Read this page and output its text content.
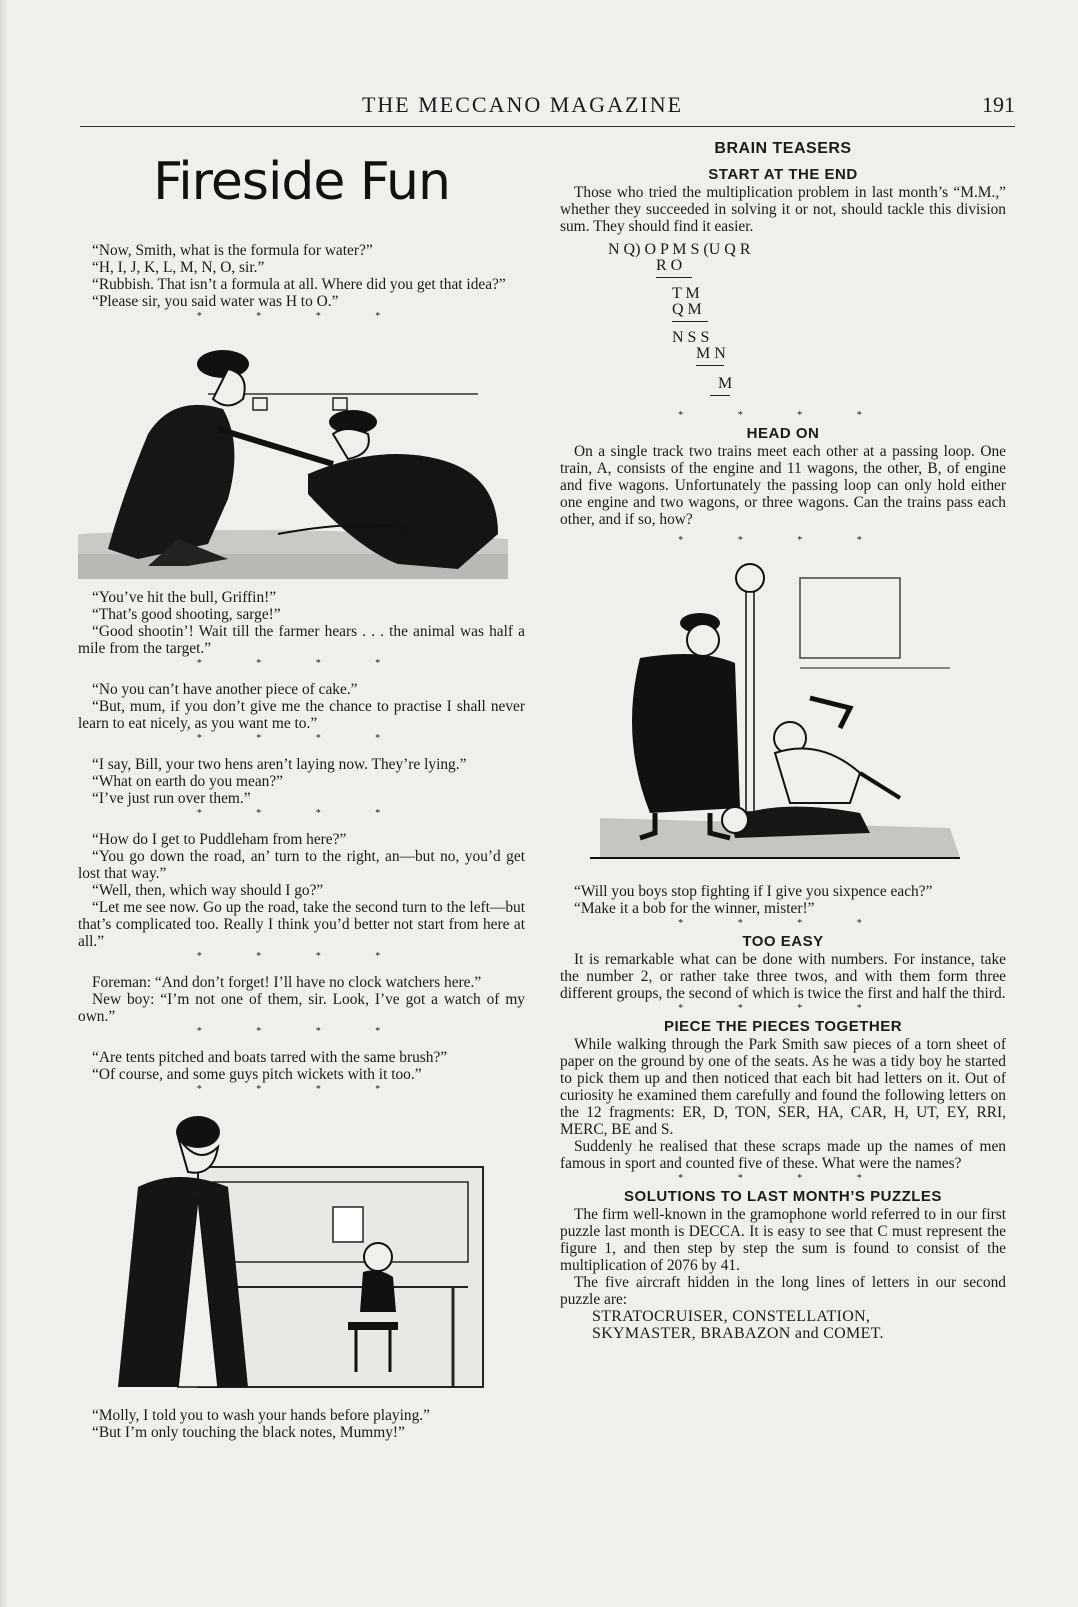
THE MECCANO MAGAZINE	191
Fireside Fun

“Now, Smith, what is the formula for water?”

“H, I, J, K, L, M, N, O, sir.”

“Rubbish. That isn’t a formula at all. Where did you get that idea?”

“Please sir, you said water was H to O.”

* * * *

“You’ve hit the bull, Griffin!”

“That’s good shooting, sarge!”

“Good shootin’! Wait till the farmer hears . . . the animal was half a mile from the target.”

* * * *

“No you can’t have another piece of cake.”

“But, mum, if you don’t give me the chance to practise I shall never learn to eat nicely, as you want me to.”

* * * *

“I say, Bill, your two hens aren’t laying now. They’re lying.”

“What on earth do you mean?”

“I’ve just run over them.”

* * * *

“How do I get to Puddleham from here?”

“You go down the road, an’ turn to the right, an—but no, you’d get lost that way.”

“Well, then, which way should I go?”

“Let me see now. Go up the road, take the second turn to the left—but that’s complicated too. Really I think you’d better not start from here at all.”

* * * *

Foreman: “And don’t forget! I’ll have no clock watchers here.”

New boy: “I’m not one of them, sir. Look, I’ve got a watch of my own.”

* * * *

“Are tents pitched and boats tarred with the same brush?”

“Of course, and some guys pitch wickets with it too.”

* * * *

“Molly, I told you to wash your hands before playing.”

“But I’m only touching the black notes, Mummy!”

BRAIN TEASERS

START AT THE END

Those who tried the multiplication problem in last month’s “M.M.,” whether they succeeded in solving it or not, should tackle this division sum. They should find it easier.

N Q) O P M S (U Q R
R O
T M
Q M
N S S
M N
M
* * * *

HEAD ON

On a single track two trains meet each other at a passing loop. One train, A, consists of the engine and 11 wagons, the other, B, of engine and five wagons. Unfortunately the passing loop can only hold either one engine and two wagons, or three wagons. Can the trains pass each other, and if so, how?

* * * *

“Will you boys stop fighting if I give you sixpence each?”

“Make it a bob for the winner, mister!”

* * * *

TOO EASY

It is remarkable what can be done with numbers. For instance, take the number 2, or rather take three twos, and with them form three different groups, the second of which is twice the first and half the third.

* * * *

PIECE THE PIECES TOGETHER

While walking through the Park Smith saw pieces of a torn sheet of paper on the ground by one of the seats. As he was a tidy boy he started to pick them up and then noticed that each bit had letters on it. Out of curiosity he examined them carefully and found the following letters on the 12 fragments: ER, D, TON, SER, HA, CAR, H, UT, EY, RRI, MERC, BE and S.

Suddenly he realised that these scraps made up the names of men famous in sport and counted five of these. What were the names?

* * * *

SOLUTIONS TO LAST MONTH’S PUZZLES

The firm well-known in the gramophone world referred to in our first puzzle last month is DECCA. It is easy to see that C must represent the figure 1, and then step by step the sum is found to consist of the multiplication of 2076 by 41.

The five aircraft hidden in the long lines of letters in our second puzzle are:

STRATOCRUISER, CONSTELLATION,

SKYMASTER, BRABAZON and COMET.
